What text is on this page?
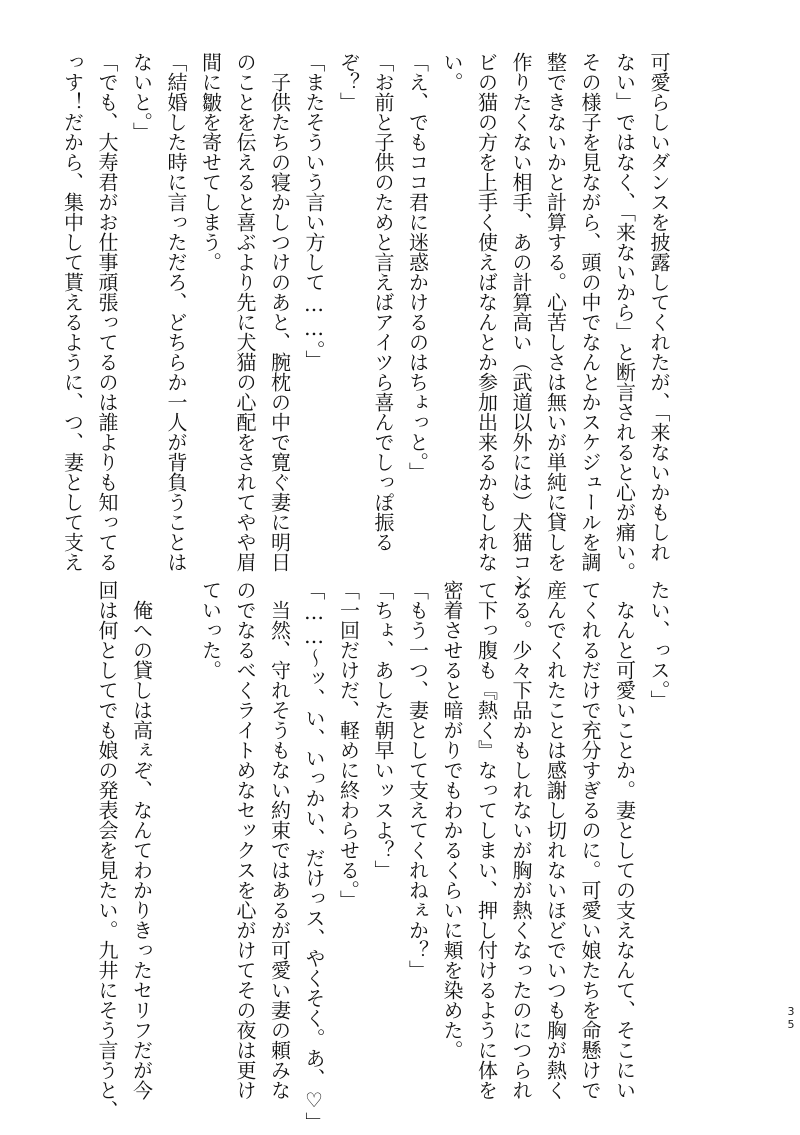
可愛らしいダンスを披露してくれたが、「来ないかもしれ
ない」ではなく、「来ないから」と断言されると心が痛い。
その様子を見ながら、頭の中でなんとかスケジュールを調
整できないかと計算する。心苦しさは無いが単純に貸しを
作りたくない相手、あの計算高い（武道以外には）犬猫コン
ビの猫の方を上手く使えばなんとか参加出来るかもしれな
い。
「え、でもココ君に迷惑かけるのはちょっと。」
「お前と子供のためと言えばアイツら喜んでしっぽ振る
ぞ？」
「またそういう言い方して……。」
　子供たちの寝かしつけのあと、腕枕の中で寛ぐ妻に明日
のことを伝えると喜ぶより先に犬猫の心配をされてやや眉
間に皺を寄せてしまう。
「結婚した時に言っただろ、どちらか一人が背負うことは
ないと。」
「でも、大寿君がお仕事頑張ってるのは誰よりも知ってる
っす！だから、集中して貰えるように、つ、妻として支え
たい、っス。」
　なんと可愛いことか。妻としての支えなんて、そこにい
てくれるだけで充分すぎるのに。可愛い娘たちを命懸けで
産んでくれたことは感謝し切れないほどでいつも胸が熱く
なる。少々下品かもしれないが胸が熱くなったのにつられ
て下っ腹も『熱く』なってしまい、押し付けるように体を
密着させると暗がりでもわかるくらいに頬を染めた。
「もう一つ、妻として支えてくれねぇか？」
「ちょ、あした朝早いッスよ？」
「一回だけだ、軽めに終わらせる。」
「……〜ッ、い、いっかい、だけっス、やくそく。あ、♡」
　当然、守れそうもない約束ではあるが可愛い妻の頼みな
のでなるべくライトめなセックスを心がけてその夜は更け
ていった。

　俺への貸しは高ぇぞ、なんてわかりきったセリフだが今
回は何としてでも娘の発表会を見たい。九井にそう言うと、	3
5
